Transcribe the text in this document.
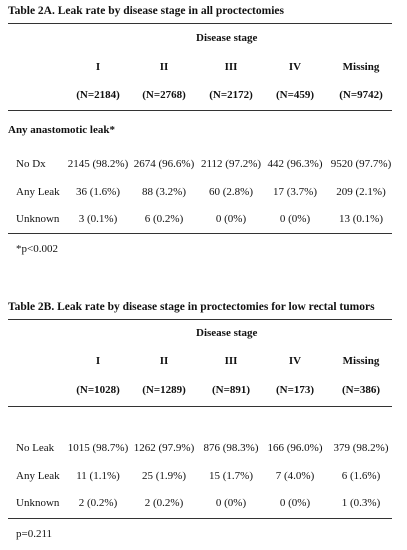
Table 2A. Leak rate by disease stage in all proctectomies
Disease stage
I	II	III	IV	Missing
(N=2184)	(N=2768)	(N=2172)	(N=459)	(N=9742)
Any anastomotic leak*
No Dx	2145 (98.2%) 2674 (96.6%) 2112 (97.2%) 442 (96.3%) 9520 (97.7%)
Any Leak	36 (1.6%)	88 (3.2%)	60 (2.8%)	17 (3.7%)	209 (2.1%)
Unknown	3 (0.1%)	6 (0.2%)	0 (0%)	0 (0%)	13 (0.1%)
*p<0.002
Table 2B. Leak rate by disease stage in proctectomies for low rectal tumors
Disease stage
I	II	III	IV	Missing
(N=1028)	(N=1289)	(N=891)	(N=173)	(N=386)
No Leak	1015 (98.7%) 1262 (97.9%) 876 (98.3%) 166 (96.0%)	379 (98.2%)
Any Leak	11 (1.1%)	25 (1.9%)	15 (1.7%)	7 (4.0%)	6 (1.6%)
Unknown	2 (0.2%)	2 (0.2%)	0 (0%)	0 (0%)	1 (0.3%)
p=0.211
